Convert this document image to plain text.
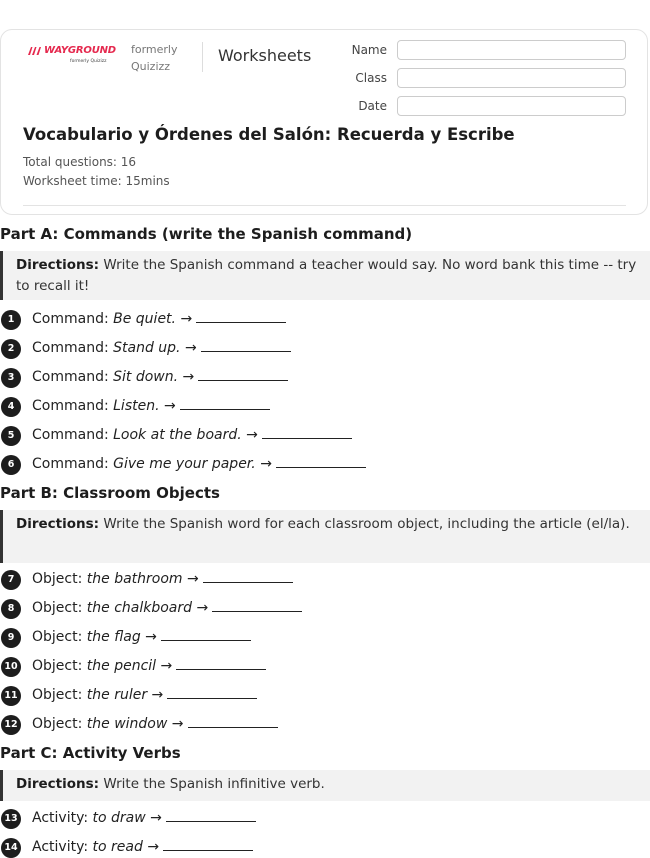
WAYGROUND
formerly Quizizz
formerly
Quizizz
Worksheets	Name
Class
Date
Vocabulario y Órdenes del Salón: Recuerda y Escribe
Total questions: 16
Worksheet time: 15mins
Part A: Commands (write the Spanish command)
Directions: Write the Spanish command a teacher would say. No word bank this time -- try to recall it!
1	Command: Be quiet. →
2	Command: Stand up. →
3	Command: Sit down. →
4	Command: Listen. →
5	Command: Look at the board. →
6	Command: Give me your paper. →
Part B: Classroom Objects
Directions: Write the Spanish word for each classroom object, including the article (el/la).
7	Object: the bathroom →
8	Object: the chalkboard →
9	Object: the flag →
10 Object: the pencil →
11 Object: the ruler →
12 Object: the window →
Part C: Activity Verbs
Directions: Write the Spanish infinitive verb.
13 Activity: to draw →
14 Activity: to read →
